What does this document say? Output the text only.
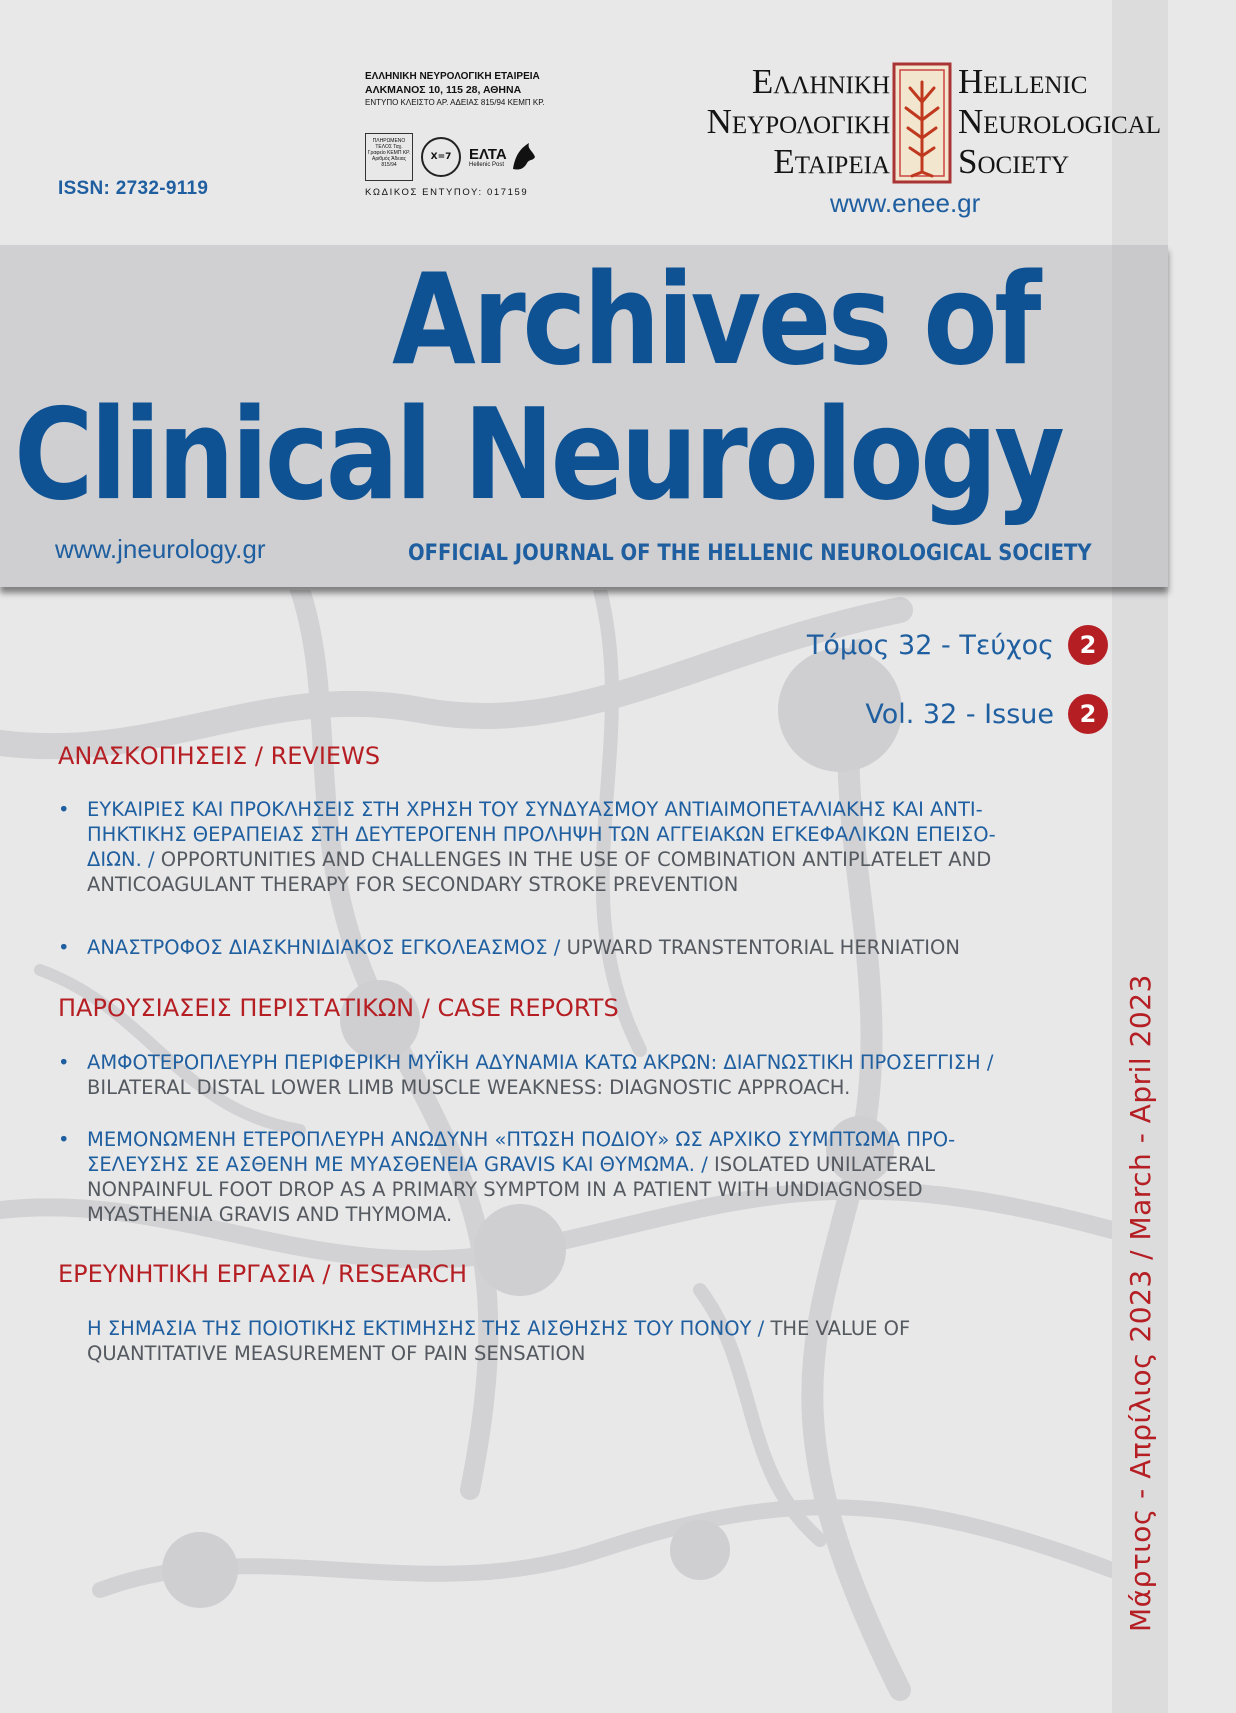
Μάρτιος - Απρίλιος 2023 / March - April 2023
ISSN: 2732-9119
ΕΛΛΗΝΙΚΗ ΝΕΥΡΟΛΟΓΙΚΗ ΕΤΑΙΡΕΙΑ
ΑΛΚΜΑΝΟΣ 10, 115 28, ΑΘΗΝΑ
ΕΝΤΥΠΟ ΚΛΕΙΣΤΟ ΑΡ. ΑΔΕΙΑΣ 815/94 ΚΕΜΠ ΚΡ.
ΠΛΗΡΩΜΕΝΟ ΤΕΛΟΣ Ταχ. Γραφείο ΚΕΜΠ ΚΡ. Αριθμός Άδειας 815/94
X=7	ΕΛΤΑ
Hellenic Post
ΚΩΔΙΚΟΣ ΕΝΤΥΠΟΥ: 017159
Ελληνικη
Νευρολογικη
Εταιρεια
Hellenic
Neurological
Society
www.enee.gr
Archives of
Clinical Neurology
www.jneurology.gr	OFFICIAL JOURNAL OF THE HELLENIC NEUROLOGICAL SOCIETY
Τόμος 32 - Τεύχος	2
Vol. 32 - Issue	2
ΑΝΑΣΚΟΠΗΣΕΙΣ / REVIEWS
• ΕΥΚΑΙΡΙΕΣ ΚΑΙ ΠΡΟΚΛΗΣΕΙΣ ΣΤΗ ΧΡΗΣΗ ΤΟΥ ΣΥΝΔΥΑΣΜΟΥ ΑΝΤΙΑΙΜΟΠΕΤΑΛΙΑΚΗΣ ΚΑΙ ΑΝΤΙΠΗΚΤΙΚΗΣ ΘΕΡΑΠΕΙΑΣ ΣΤΗ ΔΕΥΤΕΡΟΓΕΝΗ ΠΡΟΛΗΨΗ ΤΩΝ ΑΓΓΕΙΑΚΩΝ ΕΓΚΕΦΑΛΙΚΩΝ ΕΠΕΙΣΟΔΙΩΝ. / OPPORTUNITIES AND CHALLENGES IN THE USE OF COMBINATION ANTIPLATELET AND ANTICOAGULANT THERAPY FOR SECONDARY STROKE PREVENTION
• ΑΝΑΣΤΡΟΦΟΣ ΔΙΑΣΚΗΝΙΔΙΑΚΟΣ ΕΓΚΟΛΕΑΣΜΟΣ / UPWARD TRANSTENTORIAL HERNIATION
ΠΑΡΟΥΣΙΑΣΕΙΣ ΠΕΡΙΣΤΑΤΙΚΩΝ / CASE REPORTS
• ΑΜΦΟΤΕΡΟΠΛΕΥΡΗ ΠΕΡΙΦΕΡΙΚΗ ΜΥΪΚΗ ΑΔΥΝΑΜΙΑ ΚΑΤΩ ΑΚΡΩΝ: ΔΙΑΓΝΩΣΤΙΚΗ ΠΡΟΣΕΓΓΙΣΗ / BILATERAL DISTAL LOWER LIMB MUSCLE WEAKNESS: DIAGNOSTIC APPROACH.
• ΜΕΜΟΝΩΜΕΝΗ ΕΤΕΡΟΠΛΕΥΡΗ ΑΝΩΔΥΝΗ «ΠΤΩΣΗ ΠΟΔΙΟΥ» ΩΣ ΑΡΧΙΚΟ ΣΥΜΠΤΩΜΑ ΠΡΟΣΕΛΕΥΣΗΣ ΣΕ ΑΣΘΕΝΗ ΜΕ ΜΥΑΣΘΕΝΕΙΑ GRAVIS ΚΑΙ ΘΥΜΩΜΑ. / ISOLATED UNILATERAL NONPAINFUL FOOT DROP AS A PRIMARY SYMPTOM IN A PATIENT WITH UNDIAGNOSED MYASTHENIA GRAVIS AND THYMOMA.
ΕΡΕΥΝΗΤΙΚΗ ΕΡΓΑΣΙΑ / RESEARCH
Η ΣΗΜΑΣΙΑ ΤΗΣ ΠΟΙΟΤΙΚΗΣ ΕΚΤΙΜΗΣΗΣ ΤΗΣ ΑΙΣΘΗΣΗΣ ΤΟΥ ΠΟΝΟΥ / THE VALUE OF QUANTITATIVE MEASUREMENT OF PAIN SENSATION
